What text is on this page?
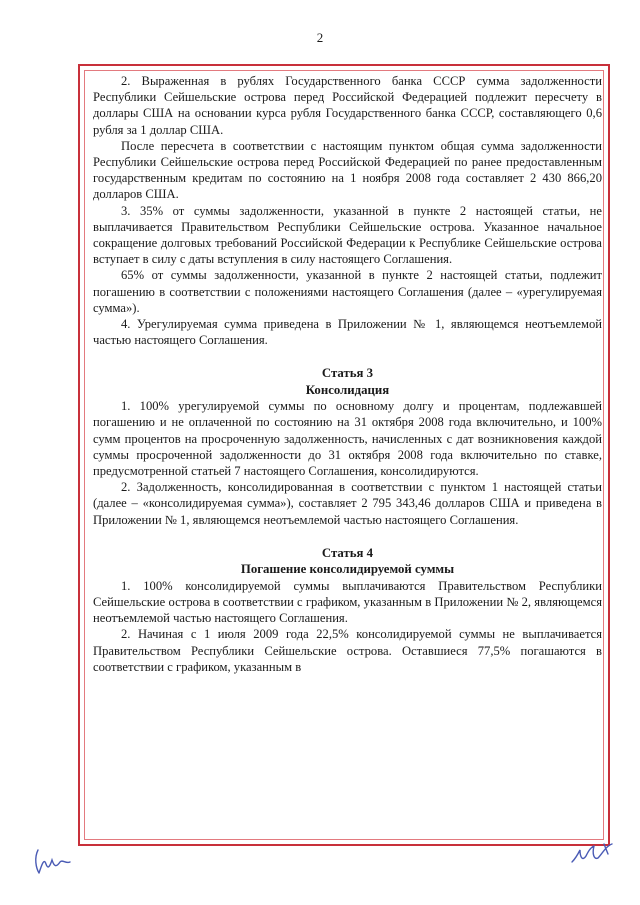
2

2. Выраженная в рублях Государственного банка СССР сумма задолженности Республики Сейшельские острова перед Российской Федерацией подлежит пересчету в доллары США на основании курса рубля Государственного банка СССР, составляющего 0,6 рубля за 1 доллар США.

После пересчета в соответствии с настоящим пунктом общая сумма задолженности Республики Сейшельские острова перед Российской Федерацией по ранее предоставленным государственным кредитам по состоянию на 1 ноября 2008 года составляет 2 430 866,20 долларов США.

3. 35% от суммы задолженности, указанной в пункте 2 настоящей статьи, не выплачивается Правительством Республики Сейшельские острова. Указанное начальное сокращение долговых требований Российской Федерации к Республике Сейшельские острова вступает в силу с даты вступления в силу настоящего Соглашения.

65% от суммы задолженности, указанной в пункте 2 настоящей статьи, подлежит погашению в соответствии с положениями настоящего Соглашения (далее – «урегулируемая сумма»).

4. Урегулируемая сумма приведена в Приложении № 1, являющемся неотъемлемой частью настоящего Соглашения.

Статья 3
Консолидация

1. 100% урегулируемой суммы по основному долгу и процентам, подлежавшей погашению и не оплаченной по состоянию на 31 октября 2008 года включительно, и 100% сумм процентов на просроченную задолженность, начисленных с дат возникновения каждой суммы просроченной задолженности до 31 октября 2008 года включительно по ставке, предусмотренной статьей 7 настоящего Соглашения, консолидируются.

2. Задолженность, консолидированная в соответствии с пунктом 1 настоящей статьи (далее – «консолидируемая сумма»), составляет 2 795 343,46 долларов США и приведена в Приложении № 1, являющемся неотъемлемой частью настоящего Соглашения.

Статья 4
Погашение консолидируемой суммы

1. 100% консолидируемой суммы выплачиваются Правительством Республики Сейшельские острова в соответствии с графиком, указанным в Приложении № 2, являющемся неотъемлемой частью настоящего Соглашения.

2. Начиная с 1 июля 2009 года 22,5% консолидируемой суммы не выплачивается Правительством Республики Сейшельские острова. Оставшиеся 77,5% погашаются в соответствии с графиком, указанным в
